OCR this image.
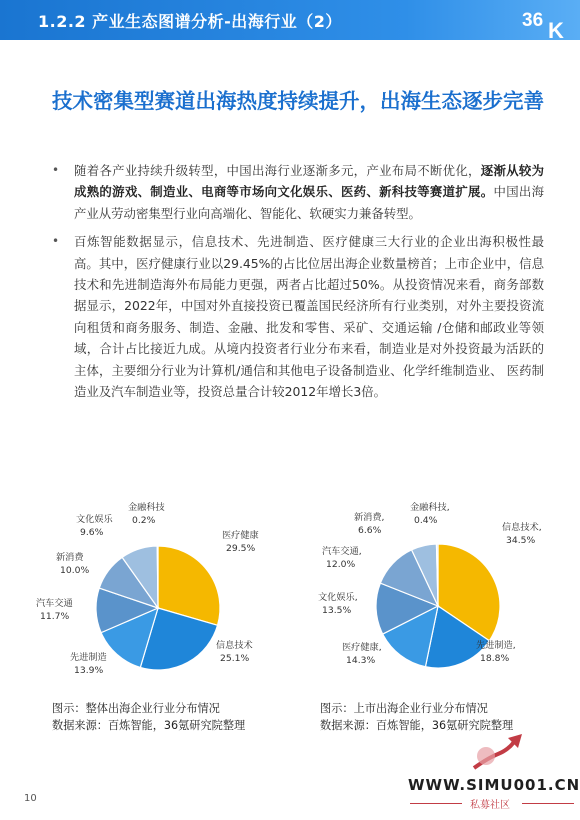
1.2.2 产业生态图谱分析-出海行业（2）	36 K
技术密集型赛道出海热度持续提升，出海生态逐步完善
• 随着各产业持续升级转型，中国出海行业逐渐多元，产业布局不断优化，逐渐从较为成熟的游戏、制造业、电商等市场向文化娱乐、医药、新科技等赛道扩展。中国出海产业从劳动密集型行业向高端化、智能化、软硬实力兼备转型。
• 百炼智能数据显示，信息技术、先进制造、医疗健康三大行业的企业出海积极性最高。其中，医疗健康行业以29.45%的占比位居出海企业数量榜首；上市企业中，信息技术和先进制造海外布局能力更强，两者占比超过50%。从投资情况来看，商务部数据显示，2022年，中国对外直接投资已覆盖国民经济所有行业类别，对外主要投资流向租赁和商务服务、制造、金融、批发和零售、采矿、交通运输 /仓储和邮政业等领域，合计占比接近九成。从境内投资者行业分布来看，制造业是对外投资最为活跃的主体，主要细分行业为计算机/通信和其他电子设备制造业、化学纤维制造业、 医药制造业及汽车制造业等，投资总量合计较2012年增长3倍。
医疗健康
29.5%
信息技术
25.1%
先进制造
13.9%
汽车交通
11.7%
新消费
10.0%
文化娱乐
9.6%
金融科技
0.2%
信息技术,
34.5%
先进制造,
18.8%
医疗健康,
14.3%
文化娱乐,
13.5%
汽车交通,
12.0%
新消费,
6.6%
金融科技,
0.4%
图示：整体出海企业行业分布情况
数据来源：百炼智能，36氪研究院整理
图示：上市出海企业行业分布情况
数据来源：百炼智能，36氪研究院整理
10
WWW.SIMU001.CN
私募社区
